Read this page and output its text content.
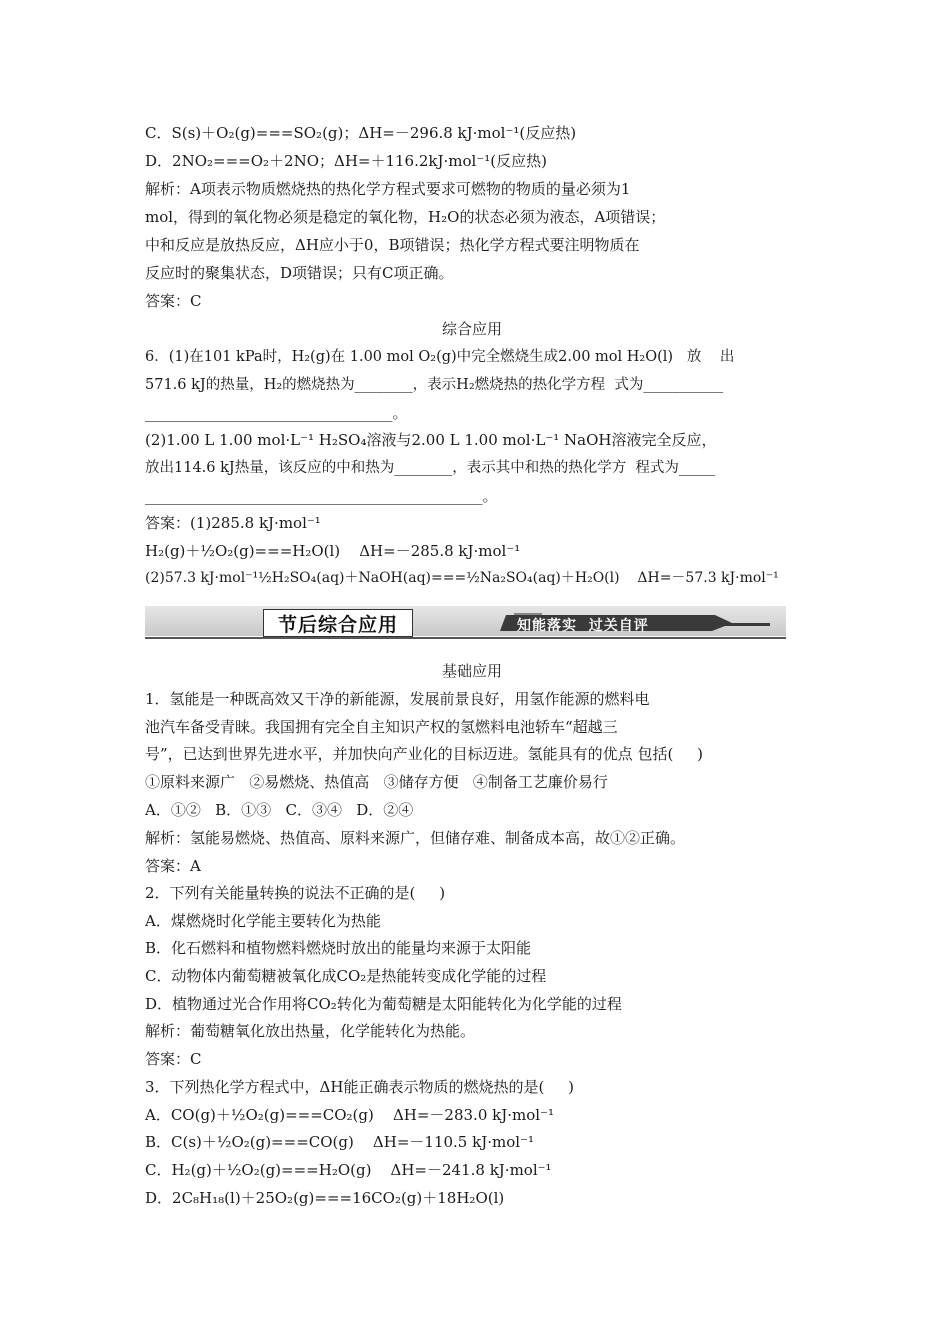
C．S(s)＋O₂(g)===SO₂(g)；ΔH=－296.8 kJ·mol⁻¹(反应热)
D．2NO₂===O₂＋2NO；ΔH=＋116.2kJ·mol⁻¹(反应热)
解析：A项表示物质燃烧热的热化学方程式要求可燃物的物质的量必须为1
mol，得到的氧化物必须是稳定的氧化物，H₂O的状态必须为液态，A项错误；
中和反应是放热反应，ΔH应小于0，B项错误；热化学方程式要注明物质在
反应时的聚集状态，D项错误；只有C项正确。
答案：C
综合应用
6．(1)在101 kPa时，H₂(g)在 1.00 mol O₂(g)中完全燃烧生成2.00 mol H₂O(l)   放    出
571.6 kJ的热量，H₂的燃烧热为________，表示H₂燃烧热的热化学方程  式为___________
_________________________________。
(2)1.00 L 1.00 mol·L⁻¹ H₂SO₄溶液与2.00 L 1.00 mol·L⁻¹ NaOH溶液完全反应，
放出114.6 kJ热量，该反应的中和热为________，表示其中和热的热化学方  程式为_____
_____________________________________________。
答案：(1)285.8 kJ·mol⁻¹
H₂(g)＋½O₂(g)===H₂O(l)    ΔH=－285.8 kJ·mol⁻¹
(2)57.3 kJ·mol⁻¹½H₂SO₄(aq)＋NaOH(aq)===½Na₂SO₄(aq)＋H₂O(l)    ΔH=－57.3 kJ·mol⁻¹
节后综合应用	知能落实  过关自评
基础应用
1．氢能是一种既高效又干净的新能源，发展前景良好，用氢作能源的燃料电
池汽车备受青睐。我国拥有完全自主知识产权的氢燃料电池轿车“超越三
号”，已达到世界先进水平，并加快向产业化的目标迈进。氢能具有的优点 包括(     )
①原料来源广   ②易燃烧、热值高   ③储存方便   ④制备工艺廉价易行
A．①②   B．①③   C．③④   D．②④
解析：氢能易燃烧、热值高、原料来源广，但储存难、制备成本高，故①②正确。
答案：A
2．下列有关能量转换的说法不正确的是(     )
A．煤燃烧时化学能主要转化为热能
B．化石燃料和植物燃料燃烧时放出的能量均来源于太阳能
C．动物体内葡萄糖被氧化成CO₂是热能转变成化学能的过程
D．植物通过光合作用将CO₂转化为葡萄糖是太阳能转化为化学能的过程
解析：葡萄糖氧化放出热量，化学能转化为热能。
答案：C
3．下列热化学方程式中，ΔH能正确表示物质的燃烧热的是(     )
A．CO(g)＋½O₂(g)===CO₂(g)    ΔH=－283.0 kJ·mol⁻¹
B．C(s)＋½O₂(g)===CO(g)    ΔH=－110.5 kJ·mol⁻¹
C．H₂(g)＋½O₂(g)===H₂O(g)    ΔH=－241.8 kJ·mol⁻¹
D．2C₈H₁₈(l)＋25O₂(g)===16CO₂(g)＋18H₂O(l)
